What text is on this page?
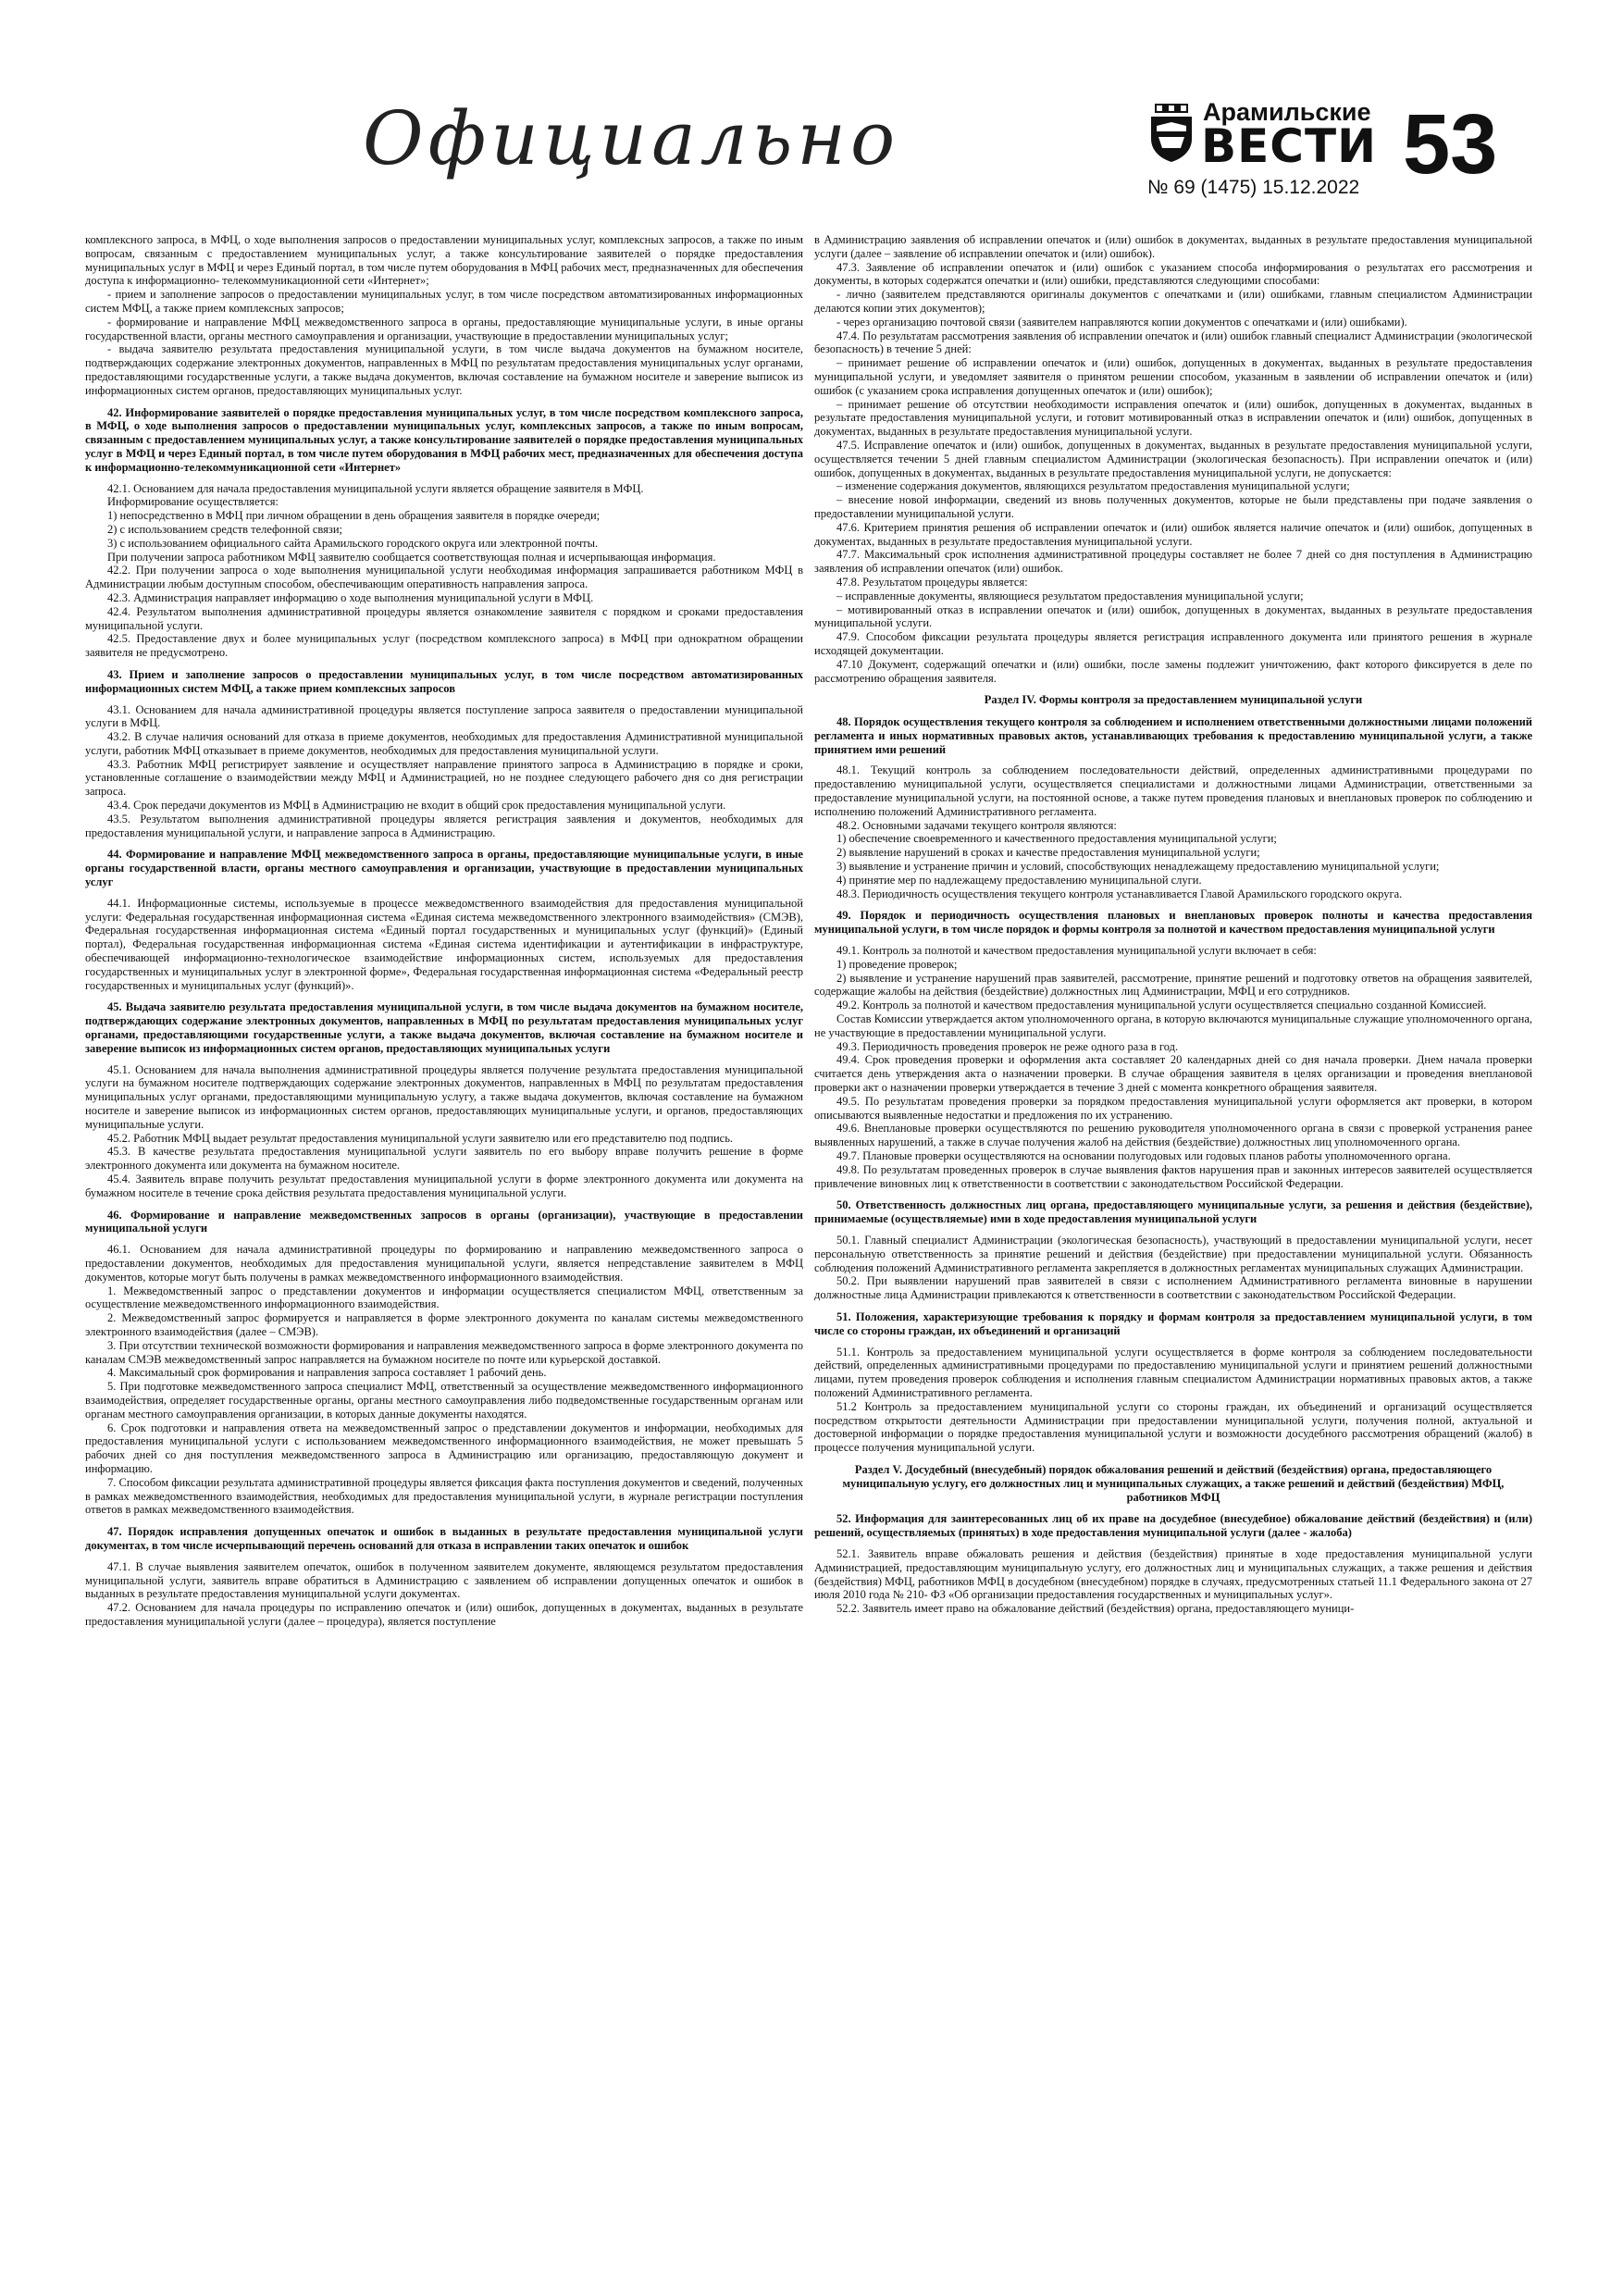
Официально	Арамильские
ВЕСТИ
№ 69 (1475) 15.12.2022 53

комплексного запроса, в МФЦ, о ходе выполнения запросов о предоставлении муниципальных услуг, комплексных запросов, а также по иным вопросам, связанным с предоставлением муниципальных услуг, а также консультирование заявителей о порядке предоставления муниципальных услуг в МФЦ и через Единый портал, в том числе путем оборудования в МФЦ рабочих мест, предназначенных для обеспечения доступа к информационно- телекоммуникационной сети «Интернет»;

- прием и заполнение запросов о предоставлении муниципальных услуг, в том числе посредством автоматизированных информационных систем МФЦ, а также прием комплексных запросов;

- формирование и направление МФЦ межведомственного запроса в органы, предоставляющие муниципальные услуги, в иные органы государственной власти, органы местного самоуправления и организации, участвующие в предоставлении муниципальных услуг;

- выдача заявителю результата предоставления муниципальной услуги, в том числе выдача документов на бумажном носителе, подтверждающих содержание электронных документов, направленных в МФЦ по результатам предоставления муниципальных услуг органами, предоставляющими государственные услуги, а также выдача документов, включая составление на бумажном носителе и заверение выписок из информационных систем органов, предоставляющих муниципальных услуг.

42. Информирование заявителей о порядке предоставления муниципальных услуг, в том числе посредством комплексного запроса, в МФЦ, о ходе выполнения запросов о предоставлении муниципальных услуг, комплексных запросов, а также по иным вопросам, связанным с предоставлением муниципальных услуг, а также консультирование заявителей о порядке предоставления муниципальных услуг в МФЦ и через Единый портал, в том числе путем оборудования в МФЦ рабочих мест, предназначенных для обеспечения доступа к информационно-телекоммуникационной сети «Интернет»

42.1. Основанием для начала предоставления муниципальной услуги является обращение заявителя в МФЦ.

Информирование осуществляется:

1) непосредственно в МФЦ при личном обращении в день обращения заявителя в порядке очереди;

2) с использованием средств телефонной связи;

3) с использованием официального сайта Арамильского городского округа или электронной почты.

При получении запроса работником МФЦ заявителю сообщается соответствующая полная и исчерпывающая информация.

42.2. При получении запроса о ходе выполнения муниципальной услуги необходимая информация запрашивается работником МФЦ в Администрации любым доступным способом, обеспечивающим оперативность направления запроса.

42.3. Администрация направляет информацию о ходе выполнения муниципальной услуги в МФЦ.

42.4. Результатом выполнения административной процедуры является ознакомление заявителя с порядком и сроками предоставления муниципальной услуги.

42.5. Предоставление двух и более муниципальных услуг (посредством комплексного запроса) в МФЦ при однократном обращении заявителя не предусмотрено.

43. Прием и заполнение запросов о предоставлении муниципальных услуг, в том числе посредством автоматизированных информационных систем МФЦ, а также прием комплексных запросов

43.1. Основанием для начала административной процедуры является поступление запроса заявителя о предоставлении муниципальной услуги в МФЦ.

43.2. В случае наличия оснований для отказа в приеме документов, необходимых для предоставления Административной муниципальной услуги, работник МФЦ отказывает в приеме документов, необходимых для предоставления муниципальной услуги.

43.3. Работник МФЦ регистрирует заявление и осуществляет направление принятого запроса в Администрацию в порядке и сроки, установленные соглашение о взаимодействии между МФЦ и Администрацией, но не позднее следующего рабочего дня со дня регистрации запроса.

43.4. Срок передачи документов из МФЦ в Администрацию не входит в общий срок предоставления муниципальной услуги.

43.5. Результатом выполнения административной процедуры является регистрация заявления и документов, необходимых для предоставления муниципальной услуги, и направление запроса в Администрацию.

44. Формирование и направление МФЦ межведомственного запроса в органы, предоставляющие муниципальные услуги, в иные органы государственной власти, органы местного самоуправления и организации, участвующие в предоставлении муниципальных услуг

44.1. Информационные системы, используемые в процессе межведомственного взаимодействия для предоставления муниципальной услуги: Федеральная государственная информационная система «Единая система межведомственного электронного взаимодействия» (СМЭВ), Федеральная государственная информационная система «Единый портал государственных и муниципальных услуг (функций)» (Единый портал), Федеральная государственная информационная система «Единая система идентификации и аутентификации в инфраструктуре, обеспечивающей информационно-технологическое взаимодействие информационных систем, используемых для предоставления государственных и муниципальных услуг в электронной форме», Федеральная государственная информационная система «Федеральный реестр государственных и муниципальных услуг (функций)».

45. Выдача заявителю результата предоставления муниципальной услуги, в том числе выдача документов на бумажном носителе, подтверждающих содержание электронных документов, направленных в МФЦ по результатам предоставления муниципальных услуг органами, предоставляющими государственные услуги, а также выдача документов, включая составление на бумажном носителе и заверение выписок из информационных систем органов, предоставляющих муниципальных услуги

45.1. Основанием для начала выполнения административной процедуры является получение результата предоставления муниципальной услуги на бумажном носителе подтверждающих содержание электронных документов, направленных в МФЦ по результатам предоставления муниципальных услуг органами, предоставляющими муниципальную услугу, а также выдача документов, включая составление на бумажном носителе и заверение выписок из информационных систем органов, предоставляющих муниципальные услуги, и органов, предоставляющих муниципальные услуги.

45.2. Работник МФЦ выдает результат предоставления муниципальной услуги заявителю или его представителю под подпись.

45.3. В качестве результата предоставления муниципальной услуги заявитель по его выбору вправе получить решение в форме электронного документа или документа на бумажном носителе.

45.4. Заявитель вправе получить результат предоставления муниципальной услуги в форме электронного документа или документа на бумажном носителе в течение срока действия результата предоставления муниципальной услуги.

46. Формирование и направление межведомственных запросов в органы (организации), участвующие в предоставлении муниципальной услуги

46.1. Основанием для начала административной процедуры по формированию и направлению межведомственного запроса о предоставлении документов, необходимых для предоставления муниципальной услуги, является непредставление заявителем в МФЦ документов, которые могут быть получены в рамках межведомственного информационного взаимодействия.

1. Межведомственный запрос о представлении документов и информации осуществляется специалистом МФЦ, ответственным за осуществление межведомственного информационного взаимодействия.

2. Межведомственный запрос формируется и направляется в форме электронного документа по каналам системы межведомственного электронного взаимодействия (далее – СМЭВ).

3. При отсутствии технической возможности формирования и направления межведомственного запроса в форме электронного документа по каналам СМЭВ межведомственный запрос направляется на бумажном носителе по почте или курьерской доставкой.

4. Максимальный срок формирования и направления запроса составляет 1 рабочий день.

5. При подготовке межведомственного запроса специалист МФЦ, ответственный за осуществление межведомственного информационного взаимодействия, определяет государственные органы, органы местного самоуправления либо подведомственные государственным органам или органам местного самоуправления организации, в которых данные документы находятся.

6. Срок подготовки и направления ответа на межведомственный запрос о представлении документов и информации, необходимых для предоставления муниципальной услуги с использованием межведомственного информационного взаимодействия, не может превышать 5 рабочих дней со дня поступления межведомственного запроса в Администрацию или организацию, предоставляющую документ и информацию.

7. Способом фиксации результата административной процедуры является фиксация факта поступления документов и сведений, полученных в рамках межведомственного взаимодействия, необходимых для предоставления муниципальной услуги, в журнале регистрации поступления ответов в рамках межведомственного взаимодействия.

47. Порядок исправления допущенных опечаток и ошибок в выданных в результате предоставления муниципальной услуги документах, в том числе исчерпывающий перечень оснований для отказа в исправлении таких опечаток и ошибок

47.1. В случае выявления заявителем опечаток, ошибок в полученном заявителем документе, являющемся результатом предоставления муниципальной услуги, заявитель вправе обратиться в Администрацию с заявлением об исправлении допущенных опечаток и ошибок в выданных в результате предоставления муниципальной услуги документах.

47.2. Основанием для начала процедуры по исправлению опечаток и (или) ошибок, допущенных в документах, выданных в результате предоставления муниципальной услуги (далее – процедура), является поступление

в Администрацию заявления об исправлении опечаток и (или) ошибок в документах, выданных в результате предоставления муниципальной услуги (далее – заявление об исправлении опечаток и (или) ошибок).

47.3. Заявление об исправлении опечаток и (или) ошибок с указанием способа информирования о результатах его рассмотрения и документы, в которых содержатся опечатки и (или) ошибки, представляются следующими способами:

- лично (заявителем представляются оригиналы документов с опечатками и (или) ошибками, главным специалистом Администрации делаются копии этих документов);

- через организацию почтовой связи (заявителем направляются копии документов с опечатками и (или) ошибками).

47.4. По результатам рассмотрения заявления об исправлении опечаток и (или) ошибок главный специалист Администрации (экологической безопасность) в течение 5 дней:

– принимает решение об исправлении опечаток и (или) ошибок, допущенных в документах, выданных в результате предоставления муниципальной услуги, и уведомляет заявителя о принятом решении способом, указанным в заявлении об исправлении опечаток и (или) ошибок (с указанием срока исправления допущенных опечаток и (или) ошибок);

– принимает решение об отсутствии необходимости исправления опечаток и (или) ошибок, допущенных в документах, выданных в результате предоставления муниципальной услуги, и готовит мотивированный отказ в исправлении опечаток и (или) ошибок, допущенных в документах, выданных в результате предоставления муниципальной услуги.

47.5. Исправление опечаток и (или) ошибок, допущенных в документах, выданных в результате предоставления муниципальной услуги, осуществляется течении 5 дней главным специалистом Администрации (экологическая безопасность). При исправлении опечаток и (или) ошибок, допущенных в документах, выданных в результате предоставления муниципальной услуги, не допускается:

– изменение содержания документов, являющихся результатом предоставления муниципальной услуги;

– внесение новой информации, сведений из вновь полученных документов, которые не были представлены при подаче заявления о предоставлении муниципальной услуги.

47.6. Критерием принятия решения об исправлении опечаток и (или) ошибок является наличие опечаток и (или) ошибок, допущенных в документах, выданных в результате предоставления муниципальной услуги.

47.7. Максимальный срок исполнения административной процедуры составляет не более 7 дней со дня поступления в Администрацию заявления об исправлении опечаток (или) ошибок.

47.8. Результатом процедуры является:

– исправленные документы, являющиеся результатом предоставления муниципальной услуги;

– мотивированный отказ в исправлении опечаток и (или) ошибок, допущенных в документах, выданных в результате предоставления муниципальной услуги.

47.9. Способом фиксации результата процедуры является регистрация исправленного документа или принятого решения в журнале исходящей документации.

47.10 Документ, содержащий опечатки и (или) ошибки, после замены подлежит уничтожению, факт которого фиксируется в деле по рассмотрению обращения заявителя.

Раздел IV. Формы контроля за предоставлением муниципальной услуги
48. Порядок осуществления текущего контроля за соблюдением и исполнением ответственными должностными лицами положений регламента и иных нормативных правовых актов, устанавливающих требования к предоставлению муниципальной услуги, а также принятием ими решений

48.1. Текущий контроль за соблюдением последовательности действий, определенных административными процедурами по предоставлению муниципальной услуги, осуществляется специалистами и должностными лицами Администрации, ответственными за предоставление муниципальной услуги, на постоянной основе, а также путем проведения плановых и внеплановых проверок по соблюдению и исполнению положений Административного регламента.

48.2. Основными задачами текущего контроля являются:

1) обеспечение своевременного и качественного предоставления муниципальной услуги;

2) выявление нарушений в сроках и качестве предоставления муниципальной услуги;

3) выявление и устранение причин и условий, способствующих ненадлежащему предоставлению муниципальной услуги;

4) принятие мер по надлежащему предоставлению муниципальной слуги.

48.3. Периодичность осуществления текущего контроля устанавливается Главой Арамильского городского округа.

49. Порядок и периодичность осуществления плановых и внеплановых проверок полноты и качества предоставления муниципальной услуги, в том числе порядок и формы контроля за полнотой и качеством предоставления муниципальной услуги

49.1. Контроль за полнотой и качеством предоставления муниципальной услуги включает в себя:

1) проведение проверок;

2) выявление и устранение нарушений прав заявителей, рассмотрение, принятие решений и подготовку ответов на обращения заявителей, содержащие жалобы на действия (бездействие) должностных лиц Администрации, МФЦ и его сотрудников.

49.2. Контроль за полнотой и качеством предоставления муниципальной услуги осуществляется специально созданной Комиссией.

Состав Комиссии утверждается актом уполномоченного органа, в которую включаются муниципальные служащие уполномоченного органа, не участвующие в предоставлении муниципальной услуги.

49.3. Периодичность проведения проверок не реже одного раза в год.

49.4. Срок проведения проверки и оформления акта составляет 20 календарных дней со дня начала проверки. Днем начала проверки считается день утверждения акта о назначении проверки. В случае обращения заявителя в целях организации и проведения внеплановой проверки акт о назначении проверки утверждается в течение 3 дней с момента конкретного обращения заявителя.

49.5. По результатам проведения проверки за порядком предоставления муниципальной услуги оформляется акт проверки, в котором описываются выявленные недостатки и предложения по их устранению.

49.6. Внеплановые проверки осуществляются по решению руководителя уполномоченного органа в связи с проверкой устранения ранее выявленных нарушений, а также в случае получения жалоб на действия (бездействие) должностных лиц уполномоченного органа.

49.7. Плановые проверки осуществляются на основании полугодовых или годовых планов работы уполномоченного органа.

49.8. По результатам проведенных проверок в случае выявления фактов нарушения прав и законных интересов заявителей осуществляется привлечение виновных лиц к ответственности в соответствии с законодательством Российской Федерации.

50. Ответственность должностных лиц органа, предоставляющего муниципальные услуги, за решения и действия (бездействие), принимаемые (осуществляемые) ими в ходе предоставления муниципальной услуги

50.1. Главный специалист Администрации (экологическая безопасность), участвующий в предоставлении муниципальной услуги, несет персональную ответственность за принятие решений и действия (бездействие) при предоставлении муниципальной услуги. Обязанность соблюдения положений Административного регламента закрепляется в должностных регламентах муниципальных служащих Администрации.

50.2. При выявлении нарушений прав заявителей в связи с исполнением Административного регламента виновные в нарушении должностные лица Администрации привлекаются к ответственности в соответствии с законодательством Российской Федерации.

51. Положения, характеризующие требования к порядку и формам контроля за предоставлением муниципальной услуги, в том числе со стороны граждан, их объединений и организаций

51.1. Контроль за предоставлением муниципальной услуги осуществляется в форме контроля за соблюдением последовательности действий, определенных административными процедурами по предоставлению муниципальной услуги и принятием решений должностными лицами, путем проведения проверок соблюдения и исполнения главным специалистом Администрации нормативных правовых актов, а также положений Административного регламента.

51.2 Контроль за предоставлением муниципальной услуги со стороны граждан, их объединений и организаций осуществляется посредством открытости деятельности Администрации при предоставлении муниципальной услуги, получения полной, актуальной и достоверной информации о порядке предоставления муниципальной услуги и возможности досудебного рассмотрения обращений (жалоб) в процессе получения муниципальной услуги.

Раздел V. Досудебный (внесудебный) порядок обжалования решений и действий (бездействия) органа, предоставляющего муниципальную услугу, его должностных лиц и муниципальных служащих, а также решений и действий (бездействия) МФЦ, работников МФЦ
52. Информация для заинтересованных лиц об их праве на досудебное (внесудебное) обжалование действий (бездействия) и (или) решений, осуществляемых (принятых) в ходе предоставления муниципальной услуги (далее - жалоба)

52.1. Заявитель вправе обжаловать решения и действия (бездействия) принятые в ходе предоставления муниципальной услуги Администрацией, предоставляющим муниципальную услугу, его должностных лиц и муниципальных служащих, а также решения и действия (бездействия) МФЦ, работников МФЦ в досудебном (внесудебном) порядке в случаях, предусмотренных статьей 11.1 Федерального закона от 27 июля 2010 года № 210- ФЗ «Об организации предоставления государственных и муниципальных услуг».

52.2. Заявитель имеет право на обжалование действий (бездействия) органа, предоставляющего муници-
